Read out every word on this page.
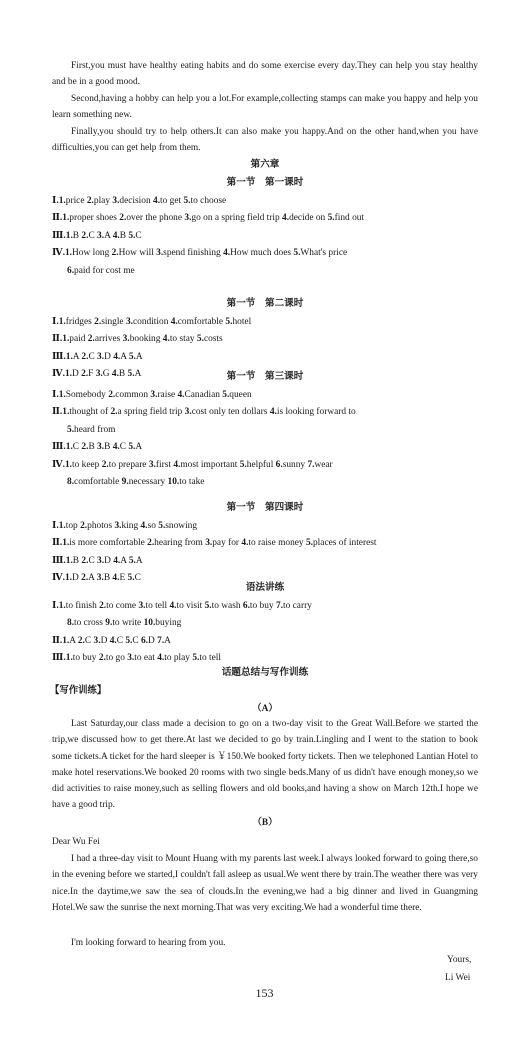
First,you must have healthy eating habits and do some exercise every day.They can help you stay healthy and be in a good mood.
Second,having a hobby can help you a lot.For example,collecting stamps can make you happy and help you learn something new.
Finally,you should try to help others.It can also make you happy.And on the other hand,when you have difficulties,you can get help from them.
第六章
第一节　第一课时
Ⅰ.1.price 2.play 3.decision 4.to get 5.to choose
Ⅱ.1.proper shoes 2.over the phone 3.go on a spring field trip 4.decide on 5.find out
Ⅲ.1.B 2.C 3.A 4.B 5.C
Ⅳ.1.How long 2.How will 3.spend finishing 4.How much does 5.What's price
6.paid for cost me
第一节　第二课时
Ⅰ.1.fridges 2.single 3.condition 4.comfortable 5.hotel
Ⅱ.1.paid 2.arrives 3.booking 4.to stay 5.costs
Ⅲ.1.A 2.C 3.D 4.A 5.A
Ⅳ.1.D 2.F 3.G 4.B 5.A	第一节　第三课时
Ⅰ.1.Somebody 2.common 3.raise 4.Canadian 5.queen
Ⅱ.1.thought of 2.a spring field trip 3.cost only ten dollars 4.is looking forward to
5.heard from
Ⅲ.1.C 2.B 3.B 4.C 5.A
Ⅳ.1.to keep 2.to prepare 3.first 4.most important 5.helpful 6.sunny 7.wear
8.comfortable 9.necessary 10.to take
第一节　第四课时
Ⅰ.1.top 2.photos 3.king 4.so 5.snowing
Ⅱ.1.is more comfortable 2.hearing from 3.pay for 4.to raise money 5.places of interest
Ⅲ.1.B 2.C 3.D 4.A 5.A
Ⅳ.1.D 2.A 3.B 4.E 5.C
语法讲练
Ⅰ.1.to finish 2.to come 3.to tell 4.to visit 5.to wash 6.to buy 7.to carry
8.to cross 9.to write 10.buying
Ⅱ.1.A 2.C 3.D 4.C 5.C 6.D 7.A
Ⅲ.1.to buy 2.to go 3.to eat 4.to play 5.to tell
话题总结与写作训练
【写作训练】
（A）
Last Saturday,our class made a decision to go on a two-day visit to the Great Wall.Before we started the trip,we discussed how to get there.At last we decided to go by train.Lingling and I went to the station to book some tickets.A ticket for the hard sleeper is ￥150.We booked forty tickets. Then we telephoned Lantian Hotel to make hotel reservations.We booked 20 rooms with two single beds.Many of us didn't have enough money,so we did activities to raise money,such as selling flowers and old books,and having a show on March 12th.I hope we have a good trip.
（B）
Dear Wu Fei
I had a three-day visit to Mount Huang with my parents last week.I always looked forward to going there,so in the evening before we started,I couldn't fall asleep as usual.We went there by train.The weather there was very nice.In the daytime,we saw the sea of clouds.In the evening,we had a big dinner and lived in Guangming Hotel.We saw the sunrise the next morning.That was very exciting.We had a wonderful time there.
I'm looking forward to hearing from you.
Yours,
Li Wei
153
